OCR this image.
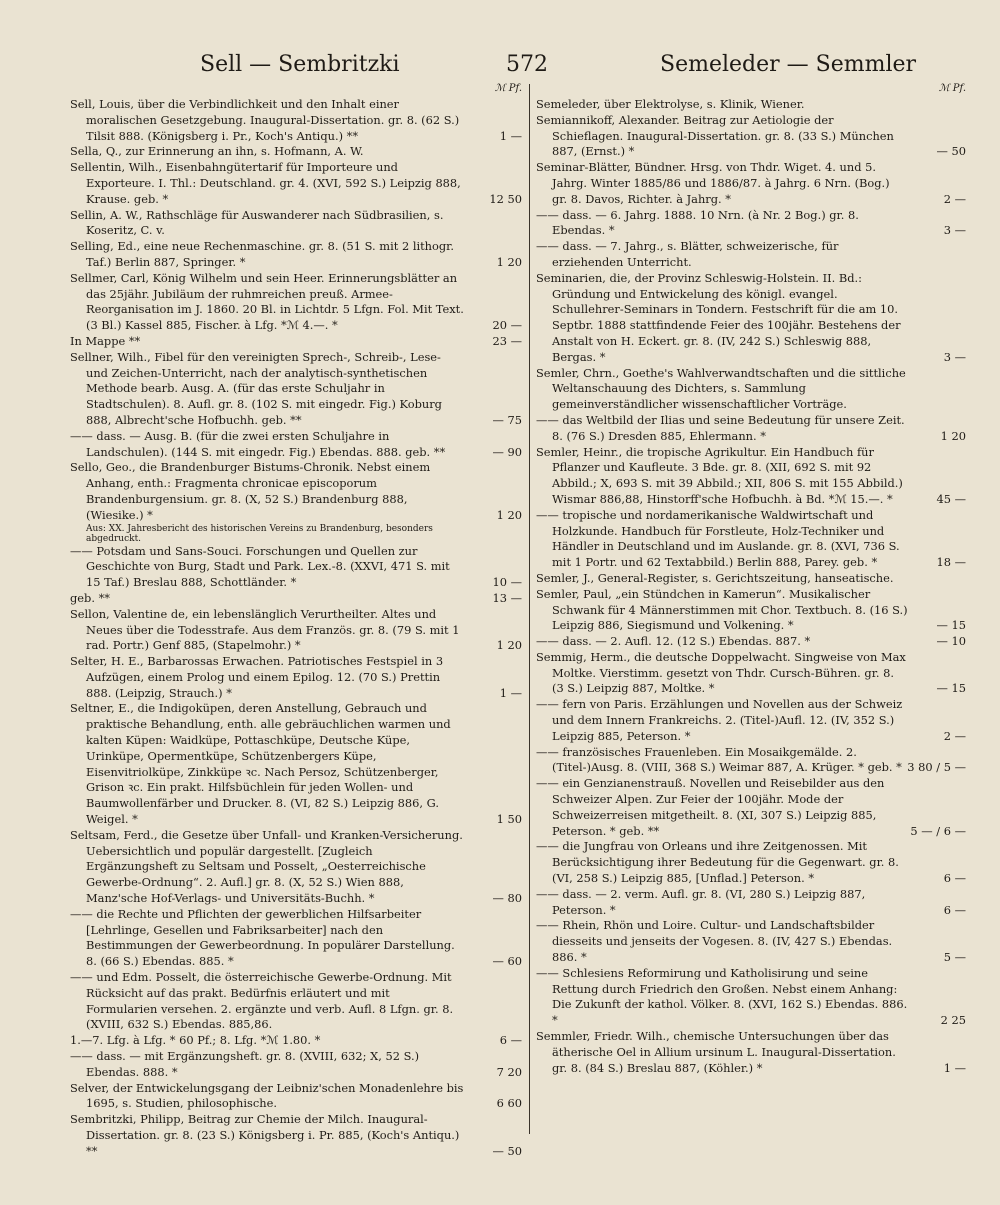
Sell — Sembritzki	572	Semeleder — Semmler
ℳ Pf.
Sell, Louis, über die Verbindlichkeit und den Inhalt einer moralischen Gesetzgebung. Inaugural-Dissertation. gr. 8. (62 S.) Tilsit 888. (Königsberg i. Pr., Koch's Antiqu.) **	1 —
Sella, Q., zur Erinnerung an ihn, s. Hofmann, A. W.
Sellentin, Wilh., Eisenbahngütertarif für Importeure und Exporteure. I. Thl.: Deutschland. gr. 4. (XVI, 592 S.) Leipzig 888, Krause. geb. *	12 50
Sellin, A. W., Rathschläge für Auswanderer nach Südbrasilien, s. Koseritz, C. v.
Selling, Ed., eine neue Rechenmaschine. gr. 8. (51 S. mit 2 lithogr. Taf.) Berlin 887, Springer. *	1 20
Sellmer, Carl, König Wilhelm und sein Heer. Erinnerungsblätter an das 25jähr. Jubiläum der ruhmreichen preuß. Armee-Reorganisation im J. 1860. 20 Bl. in Lichtdr. 5 Lfgn. Fol. Mit Text. (3 Bl.) Kassel 885, Fischer. à Lfg. *ℳ 4.—. *	20 —
In Mappe **	23 —
Sellner, Wilh., Fibel für den vereinigten Sprech-, Schreib-, Lese- und Zeichen-Unterricht, nach der analytisch-synthetischen Methode bearb. Ausg. A. (für das erste Schuljahr in Stadtschulen). 8. Aufl. gr. 8. (102 S. mit eingedr. Fig.) Koburg 888, Albrecht'sche Hofbuchh. geb. **	— 75
—— dass. — Ausg. B. (für die zwei ersten Schuljahre in Landschulen). (144 S. mit eingedr. Fig.) Ebendas. 888. geb. **	— 90
Sello, Geo., die Brandenburger Bistums-Chronik. Nebst einem Anhang, enth.: Fragmenta chronicae episcoporum Brandenburgensium. gr. 8. (X, 52 S.) Brandenburg 888, (Wiesike.) *	1 20
Aus: XX. Jahresbericht des historischen Vereins zu Brandenburg, besonders abgedruckt.
—— Potsdam und Sans-Souci. Forschungen und Quellen zur Geschichte von Burg, Stadt und Park. Lex.-8. (XXVI, 471 S. mit 15 Taf.) Breslau 888, Schottländer. *	10 —
geb. **	13 —
Sellon, Valentine de, ein lebenslänglich Verurtheilter. Altes und Neues über die Todesstrafe. Aus dem Französ. gr. 8. (79 S. mit 1 rad. Portr.) Genf 885, (Stapelmohr.) *	1 20
Selter, H. E., Barbarossas Erwachen. Patriotisches Festspiel in 3 Aufzügen, einem Prolog und einem Epilog. 12. (70 S.) Prettin 888. (Leipzig, Strauch.) *	1 —
Seltner, E., die Indigoküpen, deren Anstellung, Gebrauch und praktische Behandlung, enth. alle gebräuchlichen warmen und kalten Küpen: Waidküpe, Pottaschküpe, Deutsche Küpe, Urinküpe, Opermentküpe, Schützenbergers Küpe, Eisenvitriolküpe, Zinkküpe ꝛc. Nach Persoz, Schützenberger, Grison ꝛc. Ein prakt. Hilfsbüchlein für jeden Wollen- und Baumwollenfärber und Drucker. 8. (VI, 82 S.) Leipzig 886, G. Weigel. *	1 50
Seltsam, Ferd., die Gesetze über Unfall- und Kranken-Versicherung. Uebersichtlich und populär dargestellt. [Zugleich Ergänzungsheft zu Seltsam und Posselt, „Oesterreichische Gewerbe-Ordnung“. 2. Aufl.] gr. 8. (X, 52 S.) Wien 888, Manz'sche Hof-Verlags- und Universitäts-Buchh. *	— 80
—— die Rechte und Pflichten der gewerblichen Hilfsarbeiter [Lehrlinge, Gesellen und Fabriksarbeiter] nach den Bestimmungen der Gewerbeordnung. In populärer Darstellung. 8. (66 S.) Ebendas. 885. *	— 60
—— und Edm. Posselt, die österreichische Gewerbe-Ordnung. Mit Rücksicht auf das prakt. Bedürfnis erläutert und mit Formularien versehen. 2. ergänzte und verb. Aufl. 8 Lfgn. gr. 8. (XVIII, 632 S.) Ebendas. 885,86.
1.—7. Lfg. à Lfg. * 60 Pf.; 8. Lfg. *ℳ 1.80. *	6 —
—— dass. — mit Ergänzungsheft. gr. 8. (XVIII, 632; X, 52 S.) Ebendas. 888. *	7 20
Selver, der Entwickelungsgang der Leibniz'schen Monadenlehre bis 1695, s. Studien, philosophische.	6 60
Sembritzki, Philipp, Beitrag zur Chemie der Milch. Inaugural-Dissertation. gr. 8. (23 S.) Königsberg i. Pr. 885, (Koch's Antiqu.) **	— 50
ℳ Pf.
Semeleder, über Elektrolyse, s. Klinik, Wiener.
Semiannikoff, Alexander. Beitrag zur Aetiologie der Schieflagen. Inaugural-Dissertation. gr. 8. (33 S.) München 887, (Ernst.) *	— 50
Seminar-Blätter, Bündner. Hrsg. von Thdr. Wiget. 4. und 5. Jahrg. Winter 1885/86 und 1886/87. à Jahrg. 6 Nrn. (Bog.) gr. 8. Davos, Richter. à Jahrg. *	2 —
—— dass. — 6. Jahrg. 1888. 10 Nrn. (à Nr. 2 Bog.) gr. 8. Ebendas. *	3 —
—— dass. — 7. Jahrg., s. Blätter, schweizerische, für erziehenden Unterricht.
Seminarien, die, der Provinz Schleswig-Holstein. II. Bd.: Gründung und Entwickelung des königl. evangel. Schullehrer-Seminars in Tondern. Festschrift für die am 10. Septbr. 1888 stattfindende Feier des 100jähr. Bestehens der Anstalt von H. Eckert. gr. 8. (IV, 242 S.) Schleswig 888, Bergas. *	3 —
Semler, Chrn., Goethe's Wahlverwandtschaften und die sittliche Weltanschauung des Dichters, s. Sammlung gemeinverständlicher wissenschaftlicher Vorträge.
—— das Weltbild der Ilias und seine Bedeutung für unsere Zeit. 8. (76 S.) Dresden 885, Ehlermann. *	1 20
Semler, Heinr., die tropische Agrikultur. Ein Handbuch für Pflanzer und Kaufleute. 3 Bde. gr. 8. (XII, 692 S. mit 92 Abbild.; X, 693 S. mit 39 Abbild.; XII, 806 S. mit 155 Abbild.) Wismar 886,88, Hinstorff'sche Hofbuchh. à Bd. *ℳ 15.—. *	45 —
—— tropische und nordamerikanische Waldwirtschaft und Holzkunde. Handbuch für Forstleute, Holz-Techniker und Händler in Deutschland und im Auslande. gr. 8. (XVI, 736 S. mit 1 Portr. und 62 Textabbild.) Berlin 888, Parey. geb. *	18 —
Semler, J., General-Register, s. Gerichtszeitung, hanseatische.
Semler, Paul, „ein Stündchen in Kamerun“. Musikalischer Schwank für 4 Männerstimmen mit Chor. Textbuch. 8. (16 S.) Leipzig 886, Siegismund und Volkening. *	— 15
—— dass. — 2. Aufl. 12. (12 S.) Ebendas. 887. *	— 10
Semmig, Herm., die deutsche Doppelwacht. Singweise von Max Moltke. Vierstimm. gesetzt von Thdr. Cursch-Bühren. gr. 8. (3 S.) Leipzig 887, Moltke. *	— 15
—— fern von Paris. Erzählungen und Novellen aus der Schweiz und dem Innern Frankreichs. 2. (Titel-)Aufl. 12. (IV, 352 S.) Leipzig 885, Peterson. *	2 —
—— französisches Frauenleben. Ein Mosaikgemälde. 2. (Titel-)Ausg. 8. (VIII, 368 S.) Weimar 887, A. Krüger. * geb. * 3 80 / 5 —
—— ein Genzianenstrauß. Novellen und Reisebilder aus den Schweizer Alpen. Zur Feier der 100jähr. Mode der Schweizerreisen mitgetheilt. 8. (XI, 307 S.) Leipzig 885, Peterson. * geb. **	5 — / 6 —
—— die Jungfrau von Orleans und ihre Zeitgenossen. Mit Berücksichtigung ihrer Bedeutung für die Gegenwart. gr. 8. (VI, 258 S.) Leipzig 885, [Unflad.] Peterson. *	6 —
—— dass. — 2. verm. Aufl. gr. 8. (VI, 280 S.) Leipzig 887, Peterson. *	6 —
—— Rhein, Rhön und Loire. Cultur- und Landschaftsbilder diesseits und jenseits der Vogesen. 8. (IV, 427 S.) Ebendas. 886. *	5 —
—— Schlesiens Reformirung und Katholisirung und seine Rettung durch Friedrich den Großen. Nebst einem Anhang: Die Zukunft der kathol. Völker. 8. (XVI, 162 S.) Ebendas. 886. *	2 25
Semmler, Friedr. Wilh., chemische Untersuchungen über das ätherische Oel in Allium ursinum L. Inaugural-Dissertation. gr. 8. (84 S.) Breslau 887, (Köhler.) *	1 —
